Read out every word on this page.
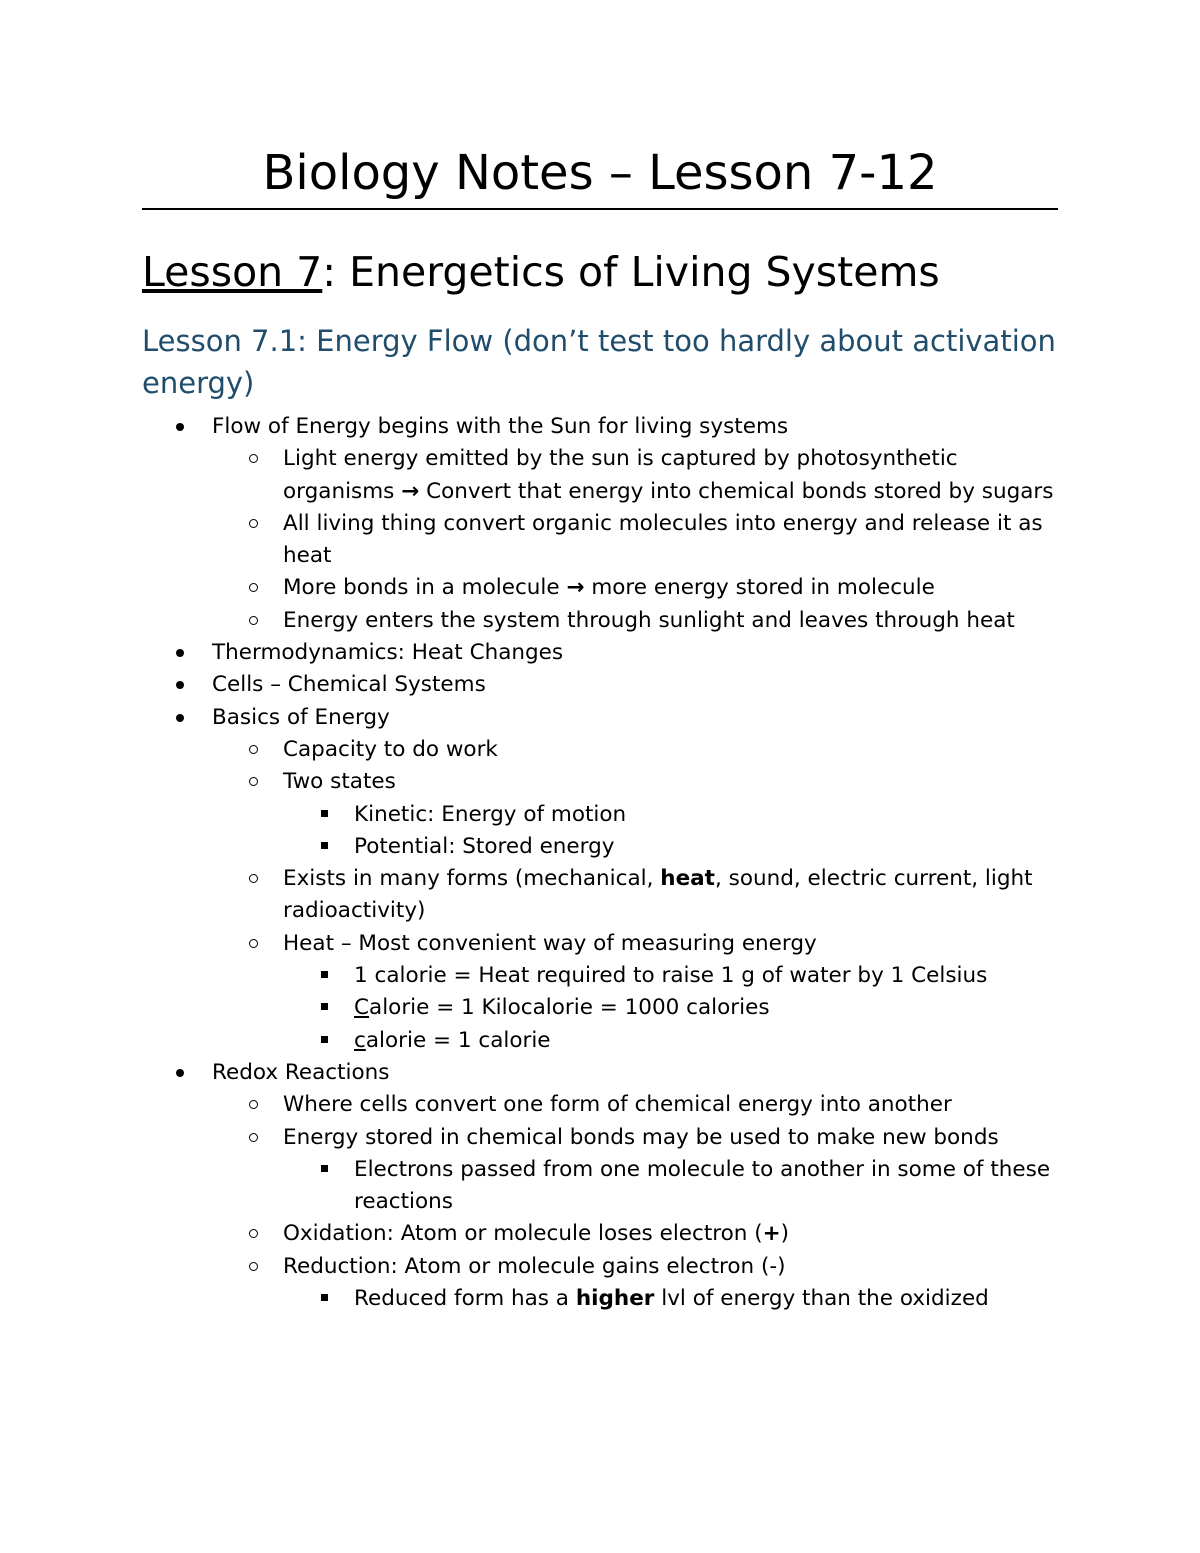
Biology Notes – Lesson 7-12
Lesson 7: Energetics of Living Systems
Lesson 7.1: Energy Flow (don’t test too hardly about activation energy)
Flow of Energy begins with the Sun for living systems
Light energy emitted by the sun is captured by photosynthetic organisms → Convert that energy into chemical bonds stored by sugars
All living thing convert organic molecules into energy and release it as heat
More bonds in a molecule → more energy stored in molecule
Energy enters the system through sunlight and leaves through heat
Thermodynamics: Heat Changes
Cells – Chemical Systems
Basics of Energy
Capacity to do work
Two states
Kinetic: Energy of motion
Potential: Stored energy
Exists in many forms (mechanical, heat, sound, electric current, light radioactivity)
Heat – Most convenient way of measuring energy
1 calorie = Heat required to raise 1 g of water by 1 Celsius
Calorie = 1 Kilocalorie = 1000 calories
calorie = 1 calorie
Redox Reactions
Where cells convert one form of chemical energy into another
Energy stored in chemical bonds may be used to make new bonds
Electrons passed from one molecule to another in some of these reactions
Oxidation: Atom or molecule loses electron (+)
Reduction: Atom or molecule gains electron (-)
Reduced form has a higher lvl of energy than the oxidized
